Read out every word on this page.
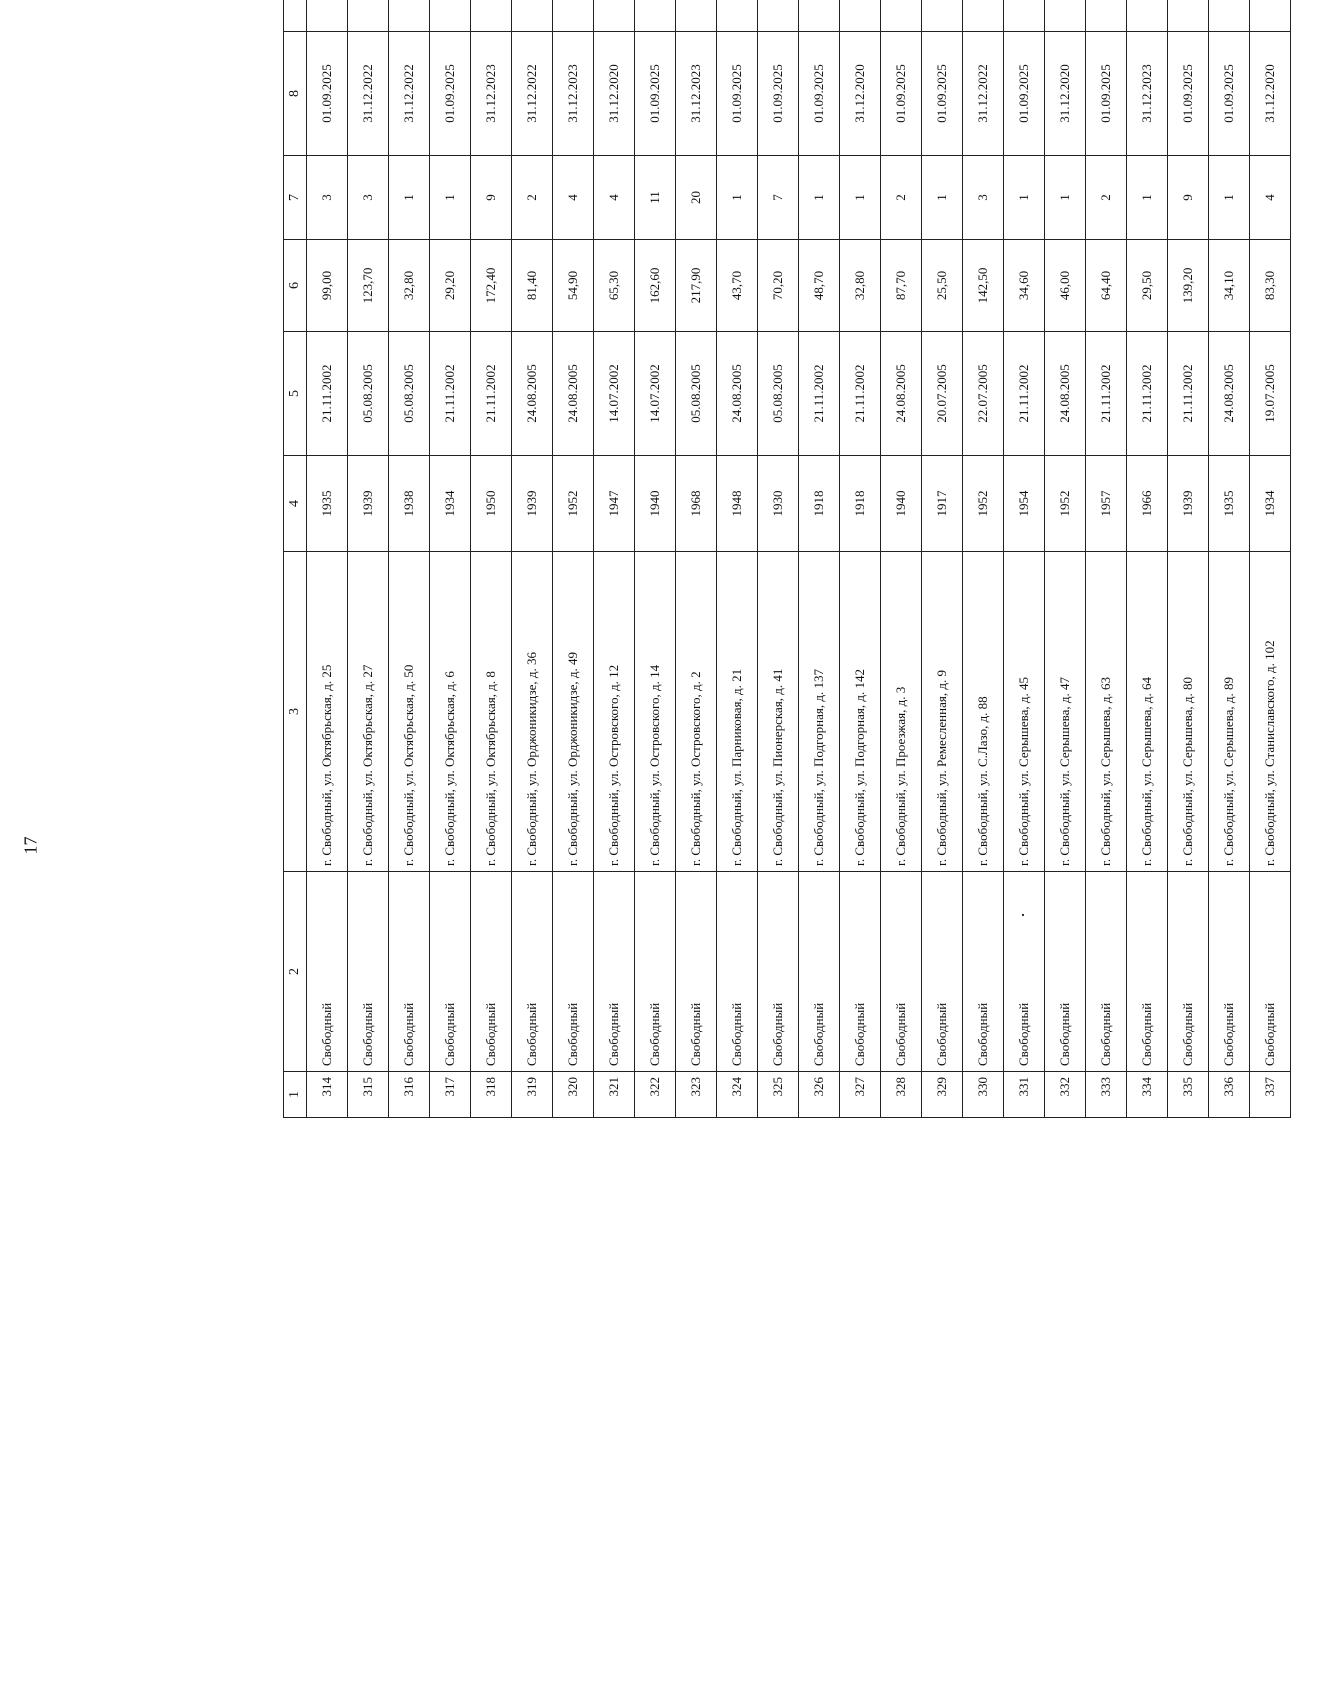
17
1	2	3	4	5	6	7	8				
314	Свободный	г. Свободный, ул. Октябрьская, д. 25	1935	21.11.2002	99,00	3	01.09.2025				
315	Свободный	г. Свободный, ул. Октябрьская, д. 27	1939	05.08.2005	123,70	3	31.12.2022				
316	Свободный	г. Свободный, ул. Октябрьская, д. 50	1938	05.08.2005	32,80	1	31.12.2022				
317	Свободный	г. Свободный, ул. Октябрьская, д. 6	1934	21.11.2002	29,20	1	01.09.2025				
318	Свободный	г. Свободный, ул. Октябрьская, д. 8	1950	21.11.2002	172,40	9	31.12.2023				
319	Свободный	г. Свободный, ул. Орджоникидзе, д. 36	1939	24.08.2005	81,40	2	31.12.2022				
320	Свободный	г. Свободный, ул. Орджоникидзе, д. 49	1952	24.08.2005	54,90	4	31.12.2023				
321	Свободный	г. Свободный, ул. Островского, д. 12	1947	14.07.2002	65,30	4	31.12.2020				
322	Свободный	г. Свободный, ул. Островского, д. 14	1940	14.07.2002	162,60	11	01.09.2025				
323	Свободный	г. Свободный, ул. Островского, д. 2	1968	05.08.2005	217,90	20	31.12.2023				
324	Свободный	г. Свободный, ул. Парниковая, д. 21	1948	24.08.2005	43,70	1	01.09.2025				
325	Свободный	г. Свободный, ул. Пионерская, д. 41	1930	05.08.2005	70,20	7	01.09.2025				
326	Свободный	г. Свободный, ул. Подгорная, д. 137	1918	21.11.2002	48,70	1	01.09.2025				
327	Свободный	г. Свободный, ул. Подгорная, д. 142	1918	21.11.2002	32,80	1	31.12.2020				
328	Свободный	г. Свободный, ул. Проезжая, д. 3	1940	24.08.2005	87,70	2	01.09.2025				
329	Свободный	г. Свободный, ул. Ремесленная, д. 9	1917	20.07.2005	25,50	1	01.09.2025				
330	Свободный	г. Свободный, ул. С.Лазо, д. 88	1952	22.07.2005	142,50	3	31.12.2022				
331	Свободный	г. Свободный, ул. Серышева, д. 45	1954	21.11.2002	34,60	1	01.09.2025				
332	Свободный	г. Свободный, ул. Серышева, д. 47	1952	24.08.2005	46,00	1	31.12.2020				
333	Свободный	г. Свободный, ул. Серышева, д. 63	1957	21.11.2002	64,40	2	01.09.2025				
334	Свободный	г. Свободный, ул. Серышева, д. 64	1966	21.11.2002	29,50	1	31.12.2023				
335	Свободный	г. Свободный, ул. Серышева, д. 80	1939	21.11.2002	139,20	9	01.09.2025				
336	Свободный	г. Свободный, ул. Серышева, д. 89	1935	24.08.2005	34,10	1	01.09.2025				
337	Свободный	г. Свободный, ул. Станиславского, д. 102	1934	19.07.2005	83,30	4	31.12.2020				
